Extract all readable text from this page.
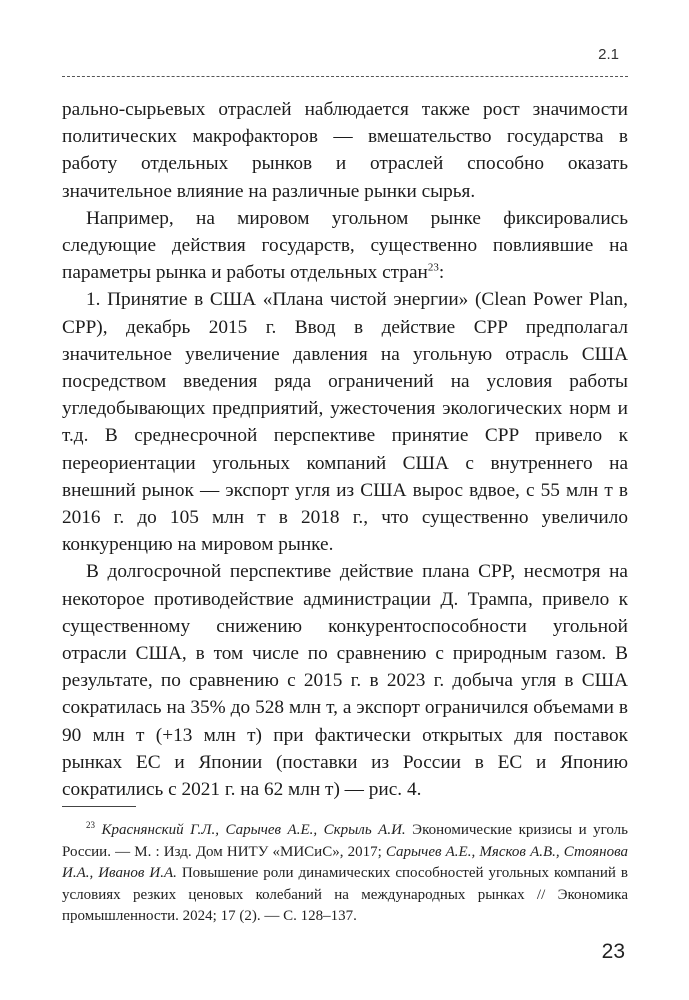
2.1

рально-сырьевых отраслей наблюдается также рост значимости политических макрофакторов — вмешательство государства в работу отдельных рынков и отраслей способно оказать значительное влияние на различные рынки сырья.

Например, на мировом угольном рынке фиксировались следующие действия государств, существенно повлиявшие на параметры рынка и работы отдельных стран$^{23}$:

1. Принятие в США «Плана чистой энергии» (Clean Power Plan, CPP), декабрь 2015 г. Ввод в действие CPP предполагал значительное увеличение давления на угольную отрасль США посредством введения ряда ограничений на условия работы угледобывающих предприятий, ужесточения экологических норм и т.д. В среднесрочной перспективе принятие CPP привело к переориентации угольных компаний США с внутреннего на внешний рынок — экспорт угля из США вырос вдвое, с 55 млн т в 2016 г. до 105 млн т в 2018 г., что существенно увеличило конкуренцию на мировом рынке.

В долгосрочной перспективе действие плана CPP, несмотря на некоторое противодействие администрации Д. Трампа, привело к существенному снижению конкурентоспособности угольной отрасли США, в том числе по сравнению с природным газом. В результате, по сравнению с 2015 г. в 2023 г. добыча угля в США сократилась на 35% до 528 млн т, а экспорт ограничился объемами в 90 млн т (+13 млн т) при фактически открытых для поставок рынках ЕС и Японии (поставки из России в ЕС и Японию сократились с 2021 г. на 62 млн т) — рис. 4.

$^{23}$ Краснянский Г.Л., Сарычев А.Е., Скрыль А.И. Экономические кризисы и уголь России. — М. : Изд. Дом НИТУ «МИСиС», 2017; Сарычев А.Е., Мясков А.В., Стоянова И.А., Иванов И.А. Повышение роли динамических способностей угольных компаний в условиях резких ценовых колебаний на международных рынках // Экономика промышленности. 2024; 17 (2). — С. 128–137.
23
